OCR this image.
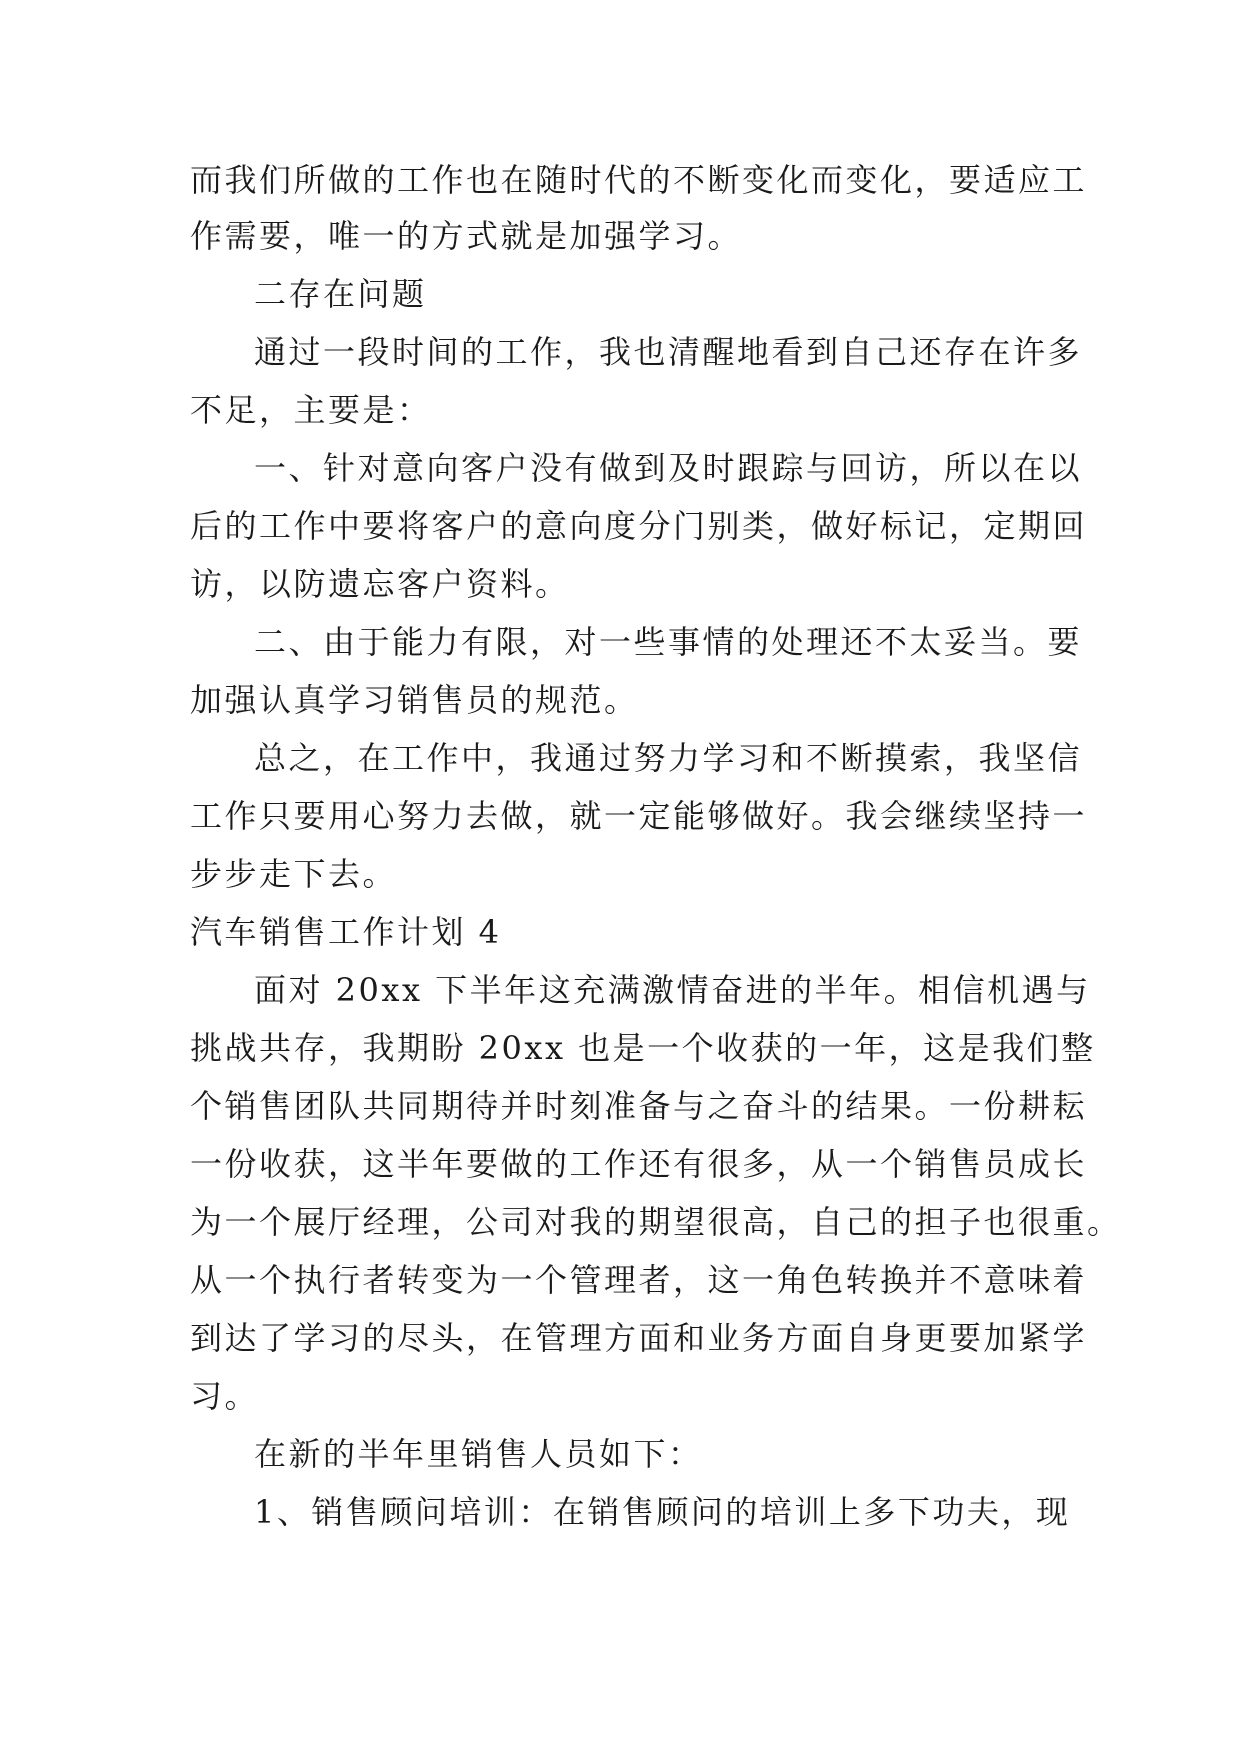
而我们所做的工作也在随时代的不断变化而变化，要适应工
作需要，唯一的方式就是加强学习。
二存在问题
通过一段时间的工作，我也清醒地看到自己还存在许多
不足，主要是：
一、针对意向客户没有做到及时跟踪与回访，所以在以
后的工作中要将客户的意向度分门别类，做好标记，定期回
访，以防遗忘客户资料。
二、由于能力有限，对一些事情的处理还不太妥当。要
加强认真学习销售员的规范。
总之，在工作中，我通过努力学习和不断摸索，我坚信
工作只要用心努力去做，就一定能够做好。我会继续坚持一
步步走下去。
汽车销售工作计划 4
面对 20xx 下半年这充满激情奋进的半年。相信机遇与
挑战共存，我期盼 20xx 也是一个收获的一年，这是我们整
个销售团队共同期待并时刻准备与之奋斗的结果。一份耕耘
一份收获，这半年要做的工作还有很多，从一个销售员成长
为一个展厅经理，公司对我的期望很高，自己的担子也很重。
从一个执行者转变为一个管理者，这一角色转换并不意味着
到达了学习的尽头，在管理方面和业务方面自身更要加紧学
习。
在新的半年里销售人员如下：
1、销售顾问培训：在销售顾问的培训上多下功夫，现
